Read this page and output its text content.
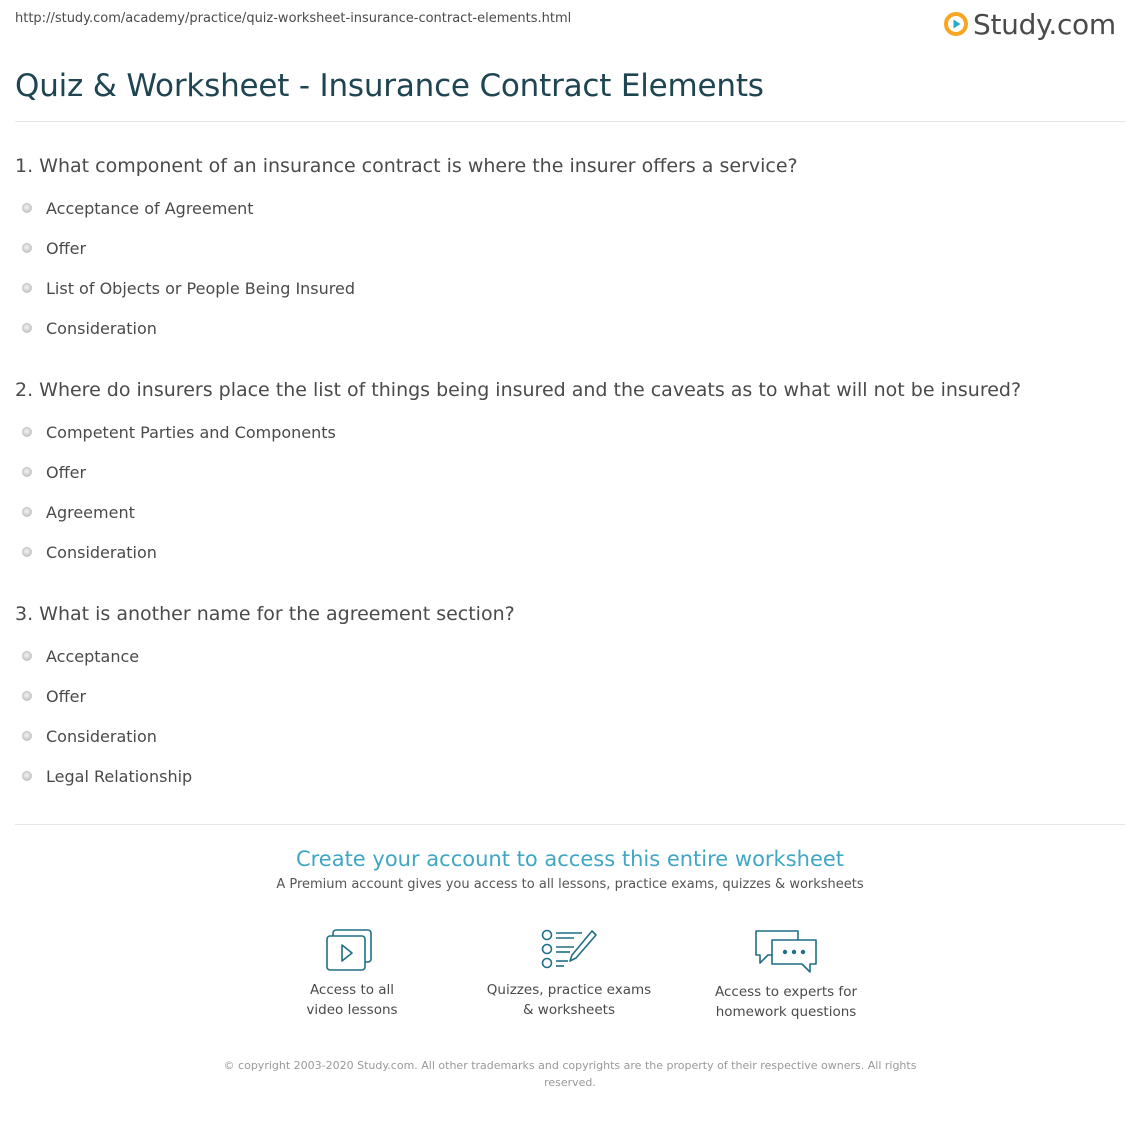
http://study.com/academy/practice/quiz-worksheet-insurance-contract-elements.html	Study.com
Quiz & Worksheet - Insurance Contract Elements
1. What component of an insurance contract is where the insurer offers a service?
Acceptance of Agreement
Offer
List of Objects or People Being Insured
Consideration
2. Where do insurers place the list of things being insured and the caveats as to what will not be insured?
Competent Parties and Components
Offer
Agreement
Consideration
3. What is another name for the agreement section?
Acceptance
Offer
Consideration
Legal Relationship
Create your account to access this entire worksheet
A Premium account gives you access to all lessons, practice exams, quizzes & worksheets
Access to all
video lessons
Quizzes, practice exams
& worksheets
Access to experts for
homework questions
© copyright 2003-2020 Study.com. All other trademarks and copyrights are the property of their respective owners. All rights
reserved.
